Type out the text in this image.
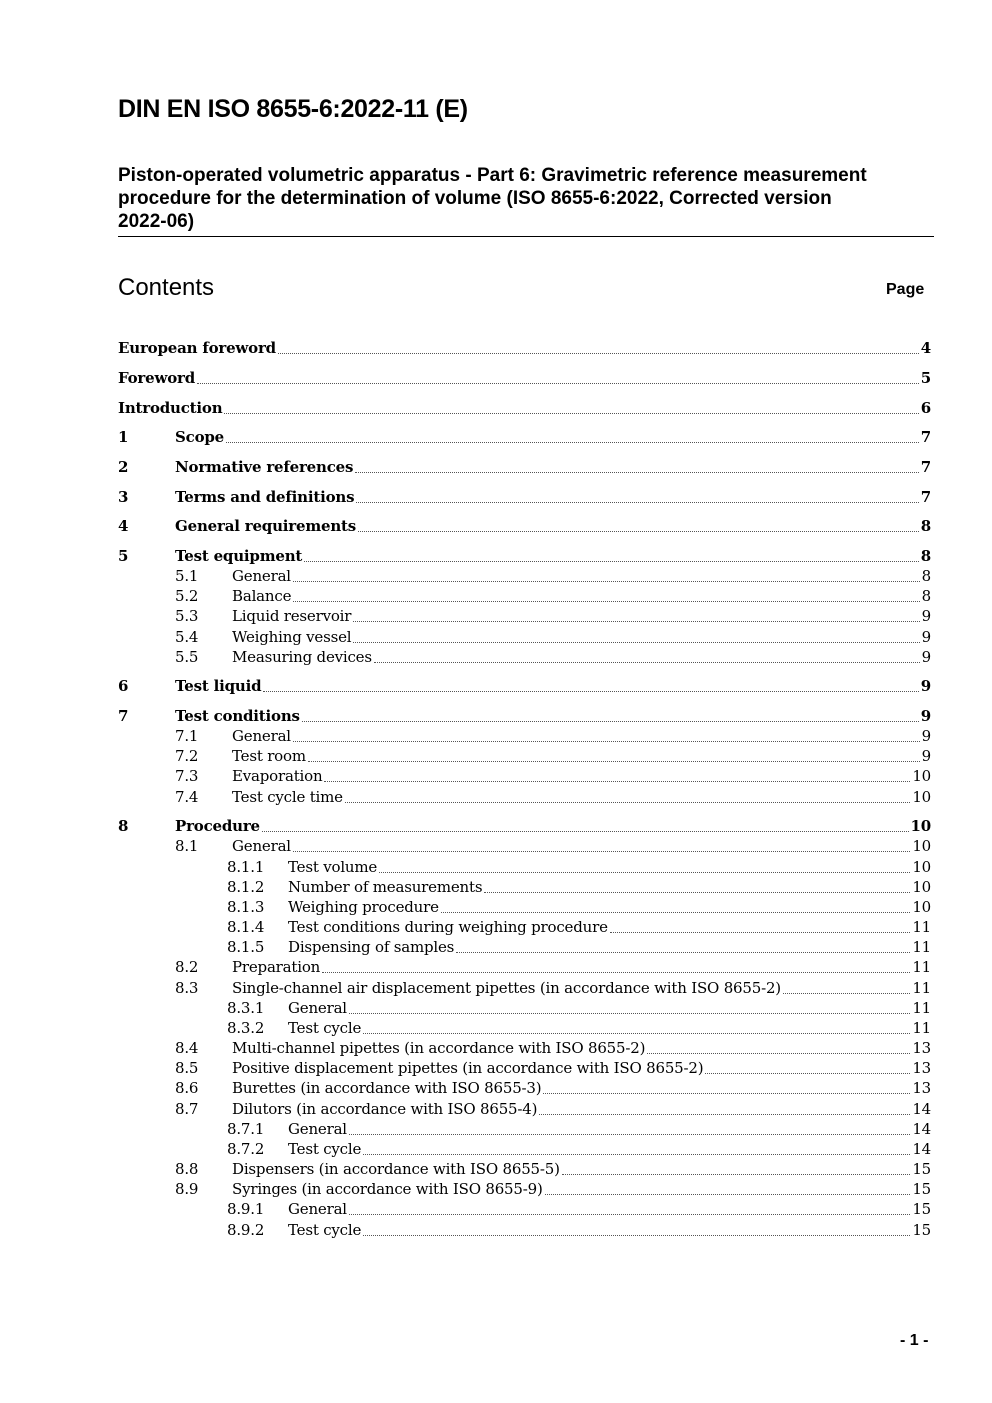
DIN EN ISO 8655-6:2022-11 (E)
Piston-operated volumetric apparatus - Part 6: Gravimetric reference measurement
procedure for the determination of volume (ISO 8655-6:2022, Corrected version
2022-06)
Contents	Page
European foreword	4
Foreword	5
Introduction	6
1	Scope	7
2	Normative references	7
3	Terms and definitions	7
4	General requirements	8
5	Test equipment	8
5.1 General	8
5.2 Balance	8
5.3 Liquid reservoir	9
5.4 Weighing vessel	9
5.5 Measuring devices	9
6	Test liquid	9
7	Test conditions	9
7.1 General	9
7.2 Test room	9
7.3 Evaporation	10
7.4 Test cycle time	10
8	Procedure	10
8.1 General	10
8.1.1 Test volume	10
8.1.2 Number of measurements	10
8.1.3 Weighing procedure	10
8.1.4 Test conditions during weighing procedure	11
8.1.5 Dispensing of samples	11
8.2 Preparation	11
8.3 Single-channel air displacement pipettes (in accordance with ISO 8655-2)	11
8.3.1 General	11
8.3.2 Test cycle	11
8.4 Multi-channel pipettes (in accordance with ISO 8655-2)	13
8.5 Positive displacement pipettes (in accordance with ISO 8655-2)	13
8.6 Burettes (in accordance with ISO 8655-3)	13
8.7 Dilutors (in accordance with ISO 8655-4)	14
8.7.1 General	14
8.7.2 Test cycle	14
8.8 Dispensers (in accordance with ISO 8655-5)	15
8.9 Syringes (in accordance with ISO 8655-9)	15
8.9.1 General	15
8.9.2 Test cycle	15
- 1 -
